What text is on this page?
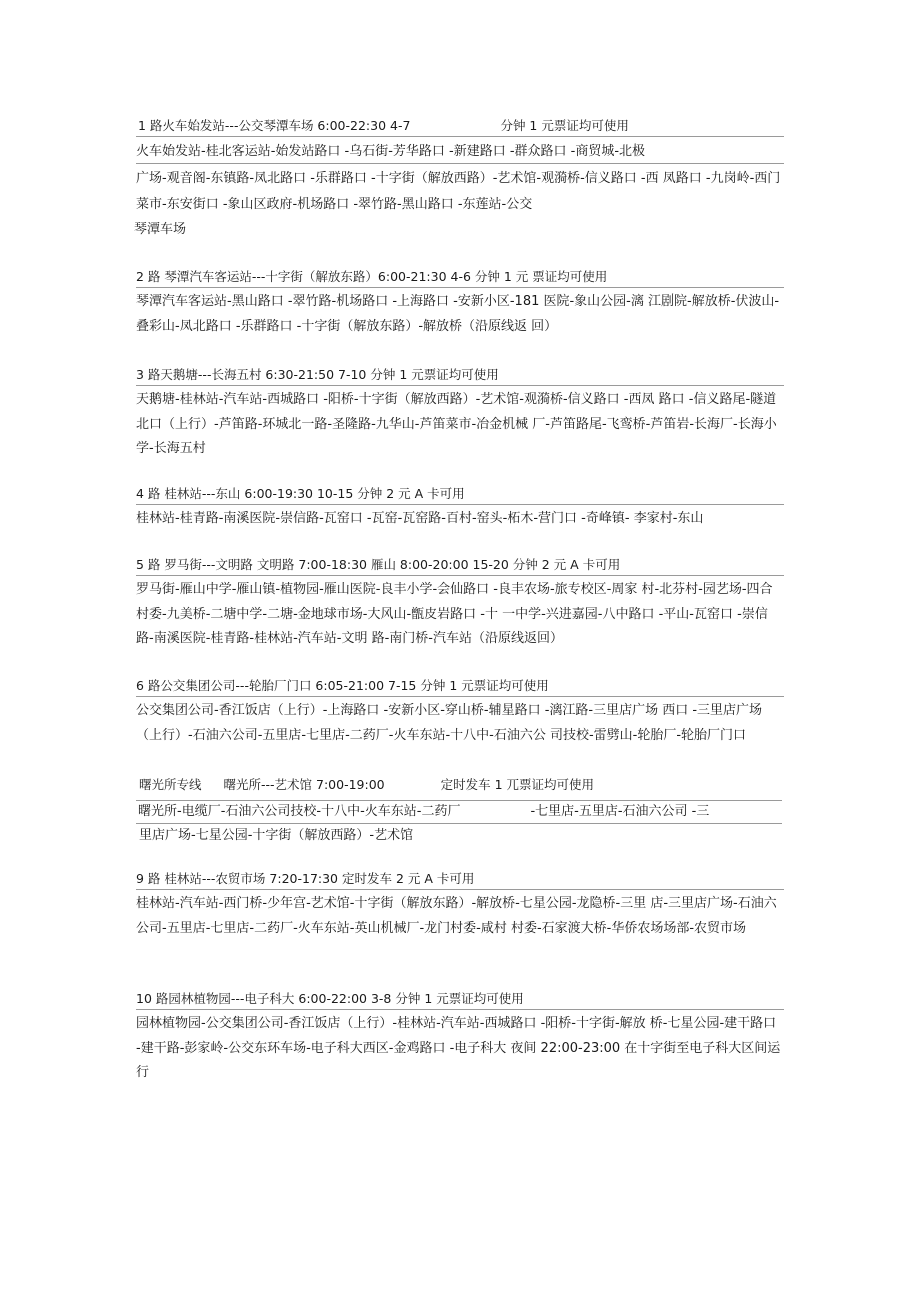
1 路火车始发站---公交琴潭车场 6:00-22:30 4-7	分钟 1 元票证均可使用
火车始发站-桂北客运站-始发站路口 -乌石街-芳华路口 -新建路口 -群众路口 -商贸城-北极
广场-观音阁-东镇路-凤北路口 -乐群路口 -十字街（解放西路）-艺术馆-观漪桥-信义路口 -西 凤路口 -九岗岭-西门菜市-东安街口 -象山区政府-机场路口 -翠竹路-黑山路口 -东莲站-公交
琴潭车场
2 路 琴潭汽车客运站---十字街（解放东路）6:00-21:30 4-6 分钟 1 元 票证均可使用
琴潭汽车客运站-黑山路口 -翠竹路-机场路口 -上海路口 -安新小区-181 医院-象山公园-漓 江剧院-解放桥-伏波山-叠彩山-凤北路口 -乐群路口 -十字街（解放东路）-解放桥（沿原线返 回）
3 路天鹅塘---长海五村 6:30-21:50 7-10 分钟 1 元票证均可使用
天鹅塘-桂林站-汽车站-西城路口 -阳桥-十字街（解放西路）-艺术馆-观漪桥-信义路口 -西凤 路口 -信义路尾-隧道北口（上行）-芦笛路-环城北一路-圣隆路-九华山-芦笛菜市-冶金机械 厂-芦笛路尾-飞鸾桥-芦笛岩-长海厂-长海小学-长海五村
4 路 桂林站---东山 6:00-19:30 10-15 分钟 2 元 A 卡可用
桂林站-桂青路-南溪医院-崇信路-瓦窑口 -瓦窑-瓦窑路-百村-窑头-柘木-营门口 -奇峰镇- 李家村-东山
5 路 罗马街---文明路 文明路 7:00-18:30 雁山 8:00-20:00 15-20 分钟 2 元 A 卡可用
罗马街-雁山中学-雁山镇-植物园-雁山医院-良丰小学-会仙路口 -良丰农场-旅专校区-周家 村-北芬村-园艺场-四合村委-九美桥-二塘中学-二塘-金地球市场-大风山-甑皮岩路口 -十 一中学-兴进嘉园-八中路口 -平山-瓦窑口 -崇信路-南溪医院-桂青路-桂林站-汽车站-文明 路-南门桥-汽车站（沿原线返回）
6 路公交集团公司---轮胎厂门口 6:05-21:00 7-15 分钟 1 元票证均可使用
公交集团公司-香江饭店（上行）-上海路口 -安新小区-穿山桥-辅星路口 -漓江路-三里店广场 西口 -三里店广场（上行）-石油六公司-五里店-七里店-二药厂-火车东站-十八中-石油六公 司技校-雷劈山-轮胎厂-轮胎厂门口
曙光所专线 曙光所---艺术馆 7:00-19:00	定时发车 1 兀票证均可使用
曙光所-电缆厂-石油六公司技校-十八中-火车东站-二药厂	-七里店-五里店-石油六公司 -三
里店广场-七星公园-十字街（解放西路）-艺术馆
9 路 桂林站---农贸市场 7:20-17:30 定时发车 2 元 A 卡可用
桂林站-汽车站-西门桥-少年宫-艺术馆-十字街（解放东路）-解放桥-七星公园-龙隐桥-三里 店-三里店广场-石油六公司-五里店-七里店-二药厂-火车东站-英山机械厂-龙门村委-咸村 村委-石家渡大桥-华侨农场场部-农贸市场
10 路园林植物园---电子科大 6:00-22:00 3-8 分钟 1 元票证均可使用
园林植物园-公交集团公司-香江饭店（上行）-桂林站-汽车站-西城路口 -阳桥-十字街-解放 桥-七星公园-建干路口 -建干路-彭家岭-公交东环车场-电子科大西区-金鸡路口 -电子科大 夜间 22:00-23:00 在十字街至电子科大区间运行
